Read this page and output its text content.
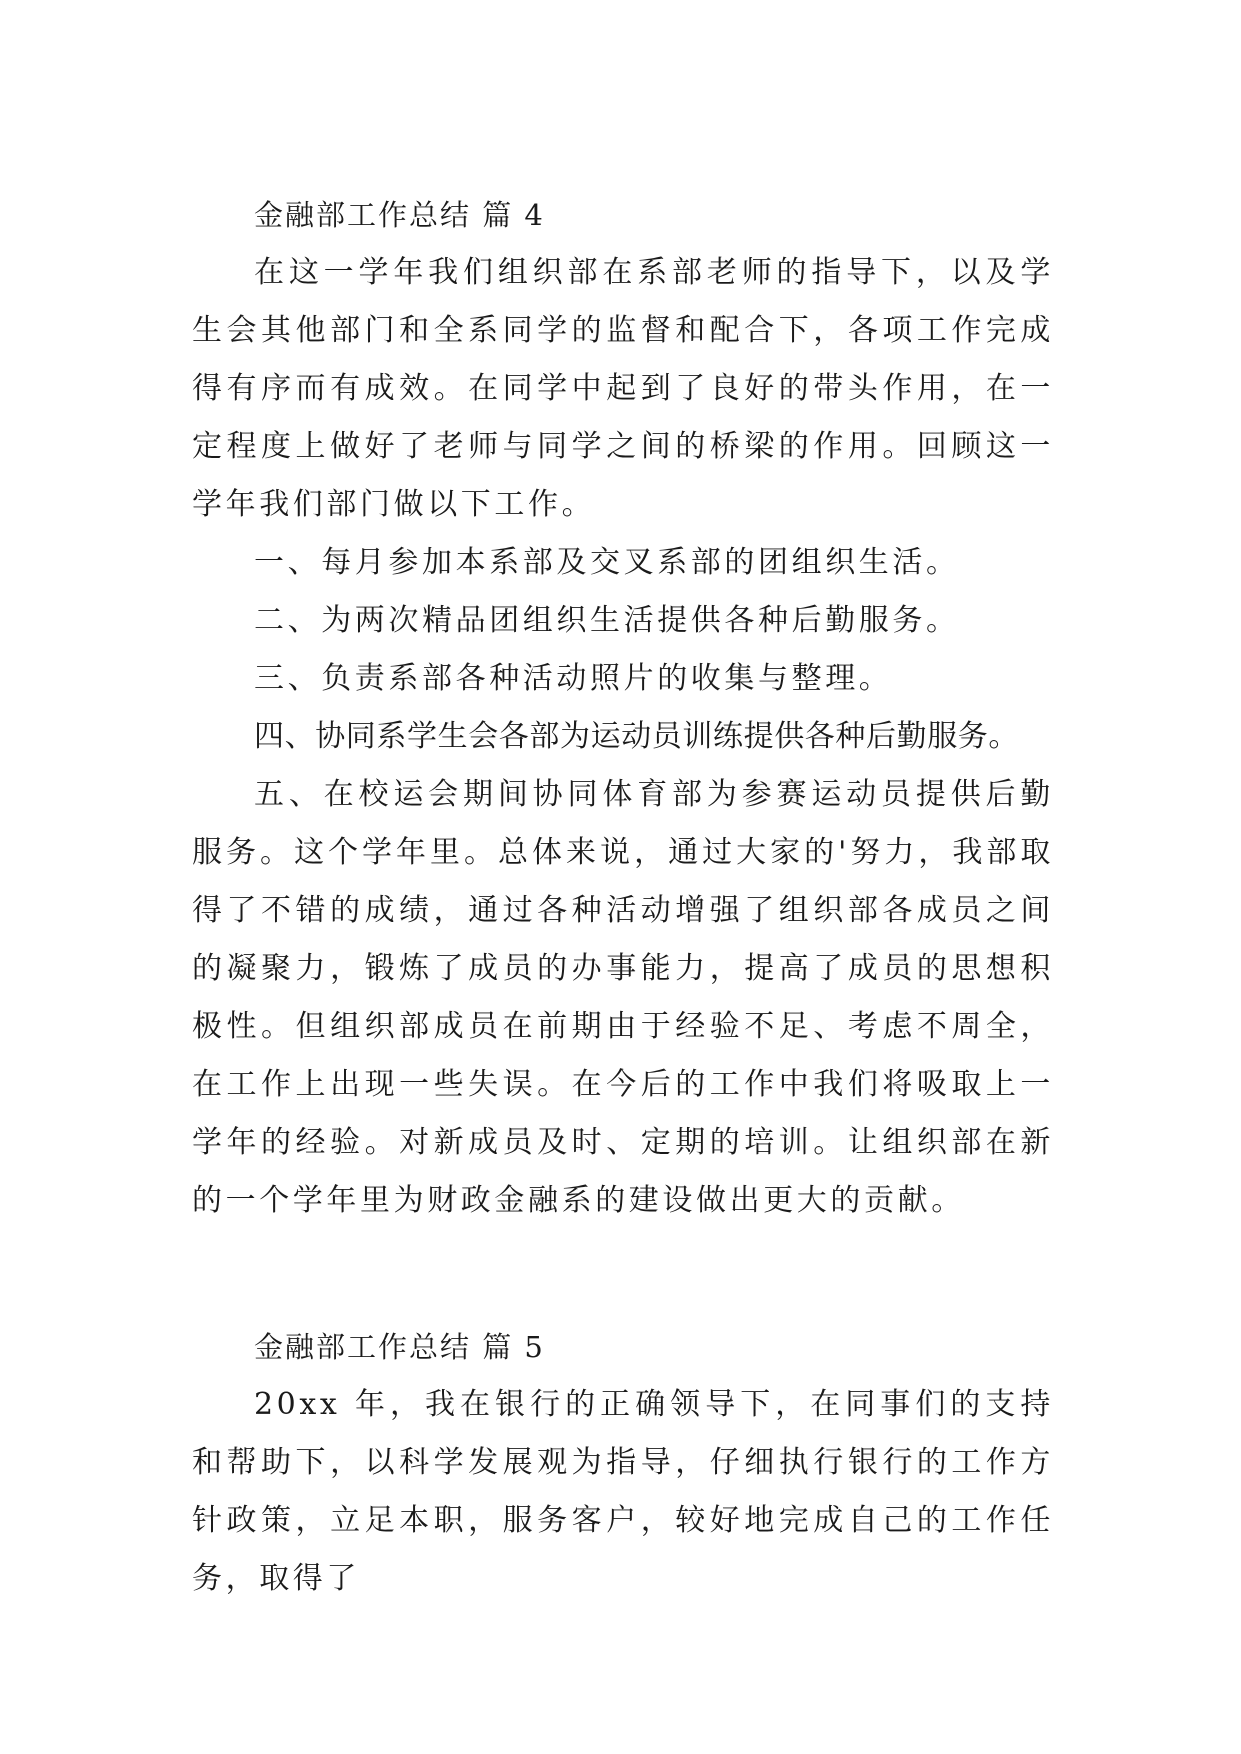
金融部工作总结 篇 4

在这一学年我们组织部在系部老师的指导下，以及学生会其他部门和全系同学的监督和配合下，各项工作完成得有序而有成效。在同学中起到了良好的带头作用，在一定程度上做好了老师与同学之间的桥梁的作用。回顾这一学年我们部门做以下工作。

一、每月参加本系部及交叉系部的团组织生活。

二、为两次精品团组织生活提供各种后勤服务。

三、负责系部各种活动照片的收集与整理。

四、协同系学生会各部为运动员训练提供各种后勤服务。

五、在校运会期间协同体育部为参赛运动员提供后勤服务。这个学年里。总体来说，通过大家的'努力，我部取得了不错的成绩，通过各种活动增强了组织部各成员之间的凝聚力，锻炼了成员的办事能力，提高了成员的思想积极性。但组织部成员在前期由于经验不足、考虑不周全，在工作上出现一些失误。在今后的工作中我们将吸取上一学年的经验。对新成员及时、定期的培训。让组织部在新的一个学年里为财政金融系的建设做出更大的贡献。

金融部工作总结 篇 5

20xx 年，我在银行的正确领导下，在同事们的支持和帮助下，以科学发展观为指导，仔细执行银行的工作方针政策，立足本职，服务客户，较好地完成自己的工作任务，取得了
